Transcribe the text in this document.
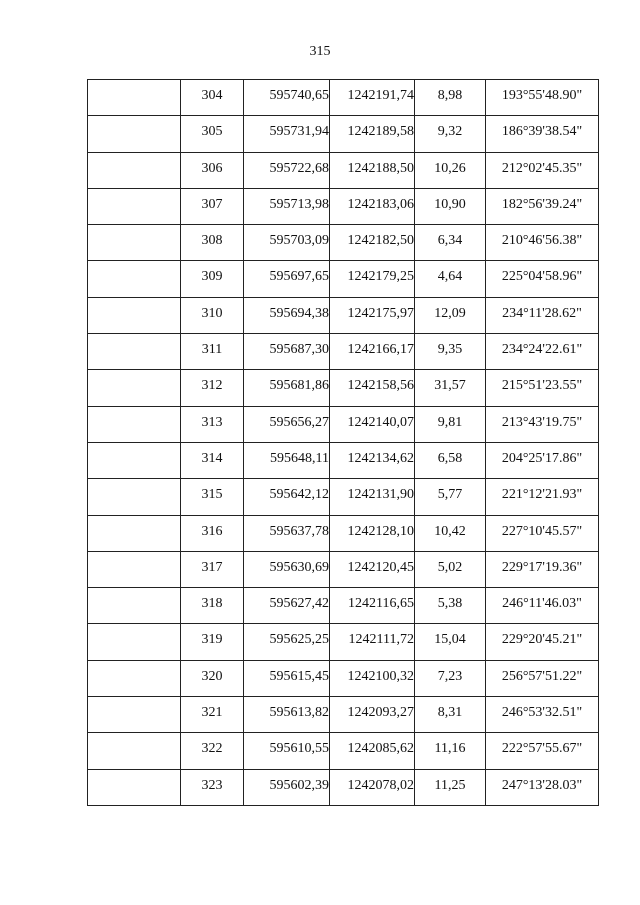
315
	304	595740,65	1242191,74	8,98	193°55'48.90"
	305	595731,94	1242189,58	9,32	186°39'38.54"
	306	595722,68	1242188,50	10,26	212°02'45.35"
	307	595713,98	1242183,06	10,90	182°56'39.24"
	308	595703,09	1242182,50	6,34	210°46'56.38"
	309	595697,65	1242179,25	4,64	225°04'58.96"
	310	595694,38	1242175,97	12,09	234°11'28.62"
	311	595687,30	1242166,17	9,35	234°24'22.61"
	312	595681,86	1242158,56	31,57	215°51'23.55"
	313	595656,27	1242140,07	9,81	213°43'19.75"
	314	595648,11	1242134,62	6,58	204°25'17.86"
	315	595642,12	1242131,90	5,77	221°12'21.93"
	316	595637,78	1242128,10	10,42	227°10'45.57"
	317	595630,69	1242120,45	5,02	229°17'19.36"
	318	595627,42	1242116,65	5,38	246°11'46.03"
	319	595625,25	1242111,72	15,04	229°20'45.21"
	320	595615,45	1242100,32	7,23	256°57'51.22"
	321	595613,82	1242093,27	8,31	246°53'32.51"
	322	595610,55	1242085,62	11,16	222°57'55.67"
	323	595602,39	1242078,02	11,25	247°13'28.03"
